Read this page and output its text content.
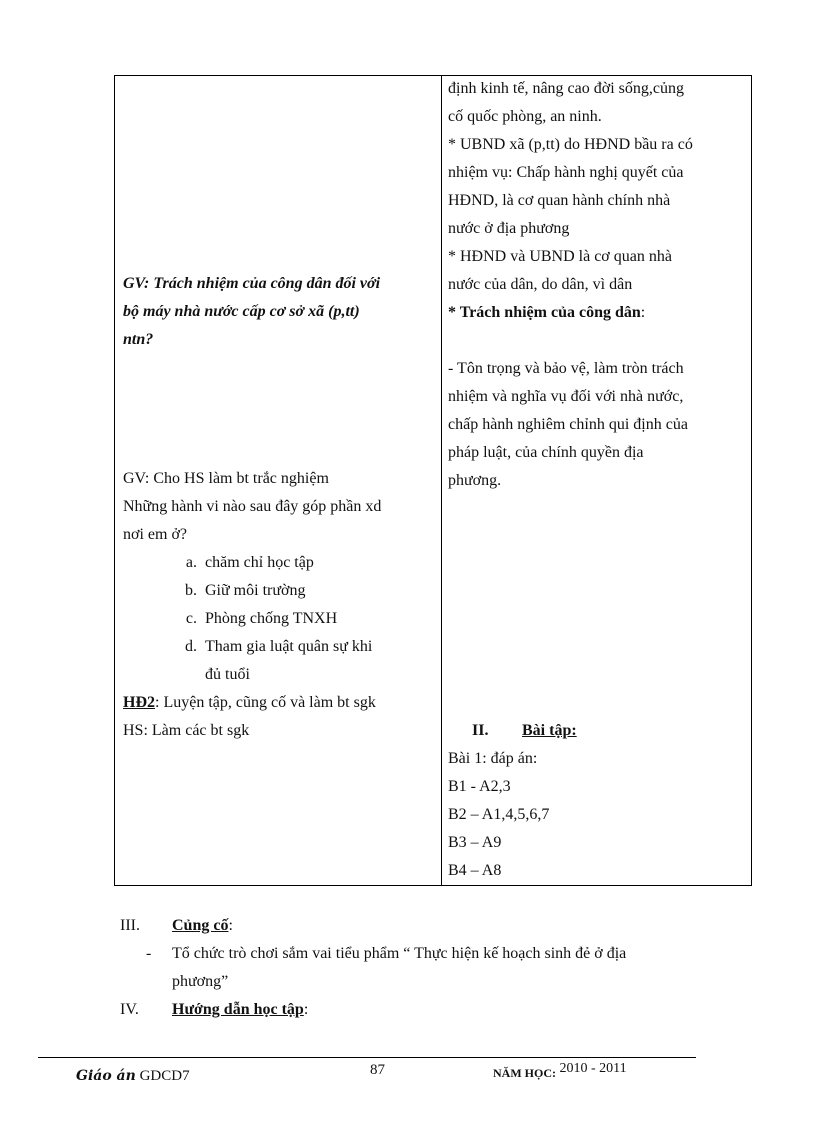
GV: Trách nhiệm của công dân đối với
bộ máy nhà nước cấp cơ sở xã (p,tt)
ntn?
GV: Cho HS làm bt trắc nghiệm
Những hành vi nào sau đây góp phần xd
nơi em ở?
a. chăm chỉ học tập
b. Giữ môi trường
c. Phòng chống TNXH
d. Tham gia luật quân sự khi
đủ tuổi
HĐ2: Luyện tập, cũng cố và làm bt sgk
HS: Làm các bt sgk
định kinh tế, nâng cao đời sống,củng
cố quốc phòng, an ninh.
* UBND xã (p,tt) do HĐND bầu ra có
nhiệm vụ: Chấp hành nghị quyết của
HĐND, là cơ quan hành chính nhà
nước ở địa phương
* HĐND và UBND là cơ quan nhà
nước của dân, do dân, vì dân
* Trách nhiệm của công dân:
- Tôn trọng và bảo vệ, làm tròn trách
nhiệm và nghĩa vụ đối với nhà nước,
chấp hành nghiêm chỉnh qui định của
pháp luật, của chính quyền địa
phương.
II. Bài tập:
Bài 1: đáp án:
B1 - A2,3
B2 – A1,4,5,6,7
B3 – A9
B4 – A8
III. Củng cố:
- Tổ chức trò chơi sắm vai tiểu phẩm “ Thực hiện kế hoạch sinh đẻ ở địa
phương”
IV. Hướng dẫn học tập:
Giáo án GDCD7	87	NĂM HỌC: 2010 - 2011
